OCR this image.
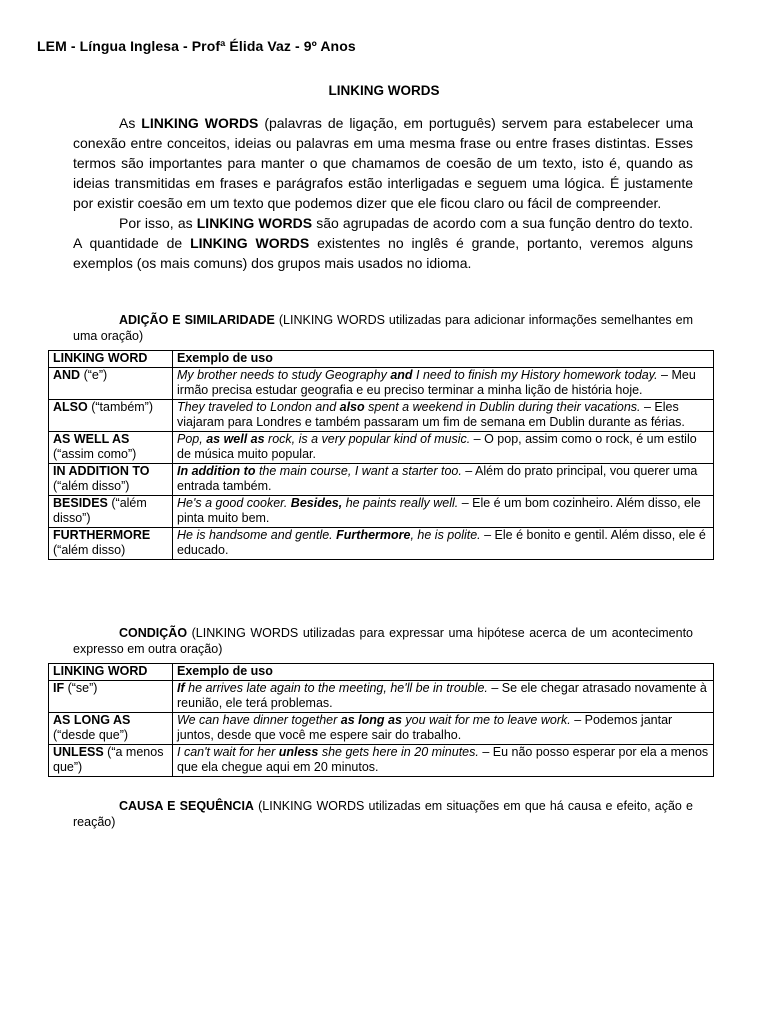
LEM - Língua Inglesa - Profª Élida Vaz - 9º Anos
LINKING WORDS

As LINKING WORDS (palavras de ligação, em português) servem para estabelecer uma conexão entre conceitos, ideias ou palavras em uma mesma frase ou entre frases distintas. Esses termos são importantes para manter o que chamamos de coesão de um texto, isto é, quando as ideias transmitidas em frases e parágrafos estão interligadas e seguem uma lógica. É justamente por existir coesão em um texto que podemos dizer que ele ficou claro ou fácil de compreender.

Por isso, as LINKING WORDS são agrupadas de acordo com a sua função dentro do texto. A quantidade de LINKING WORDS existentes no inglês é grande, portanto, veremos alguns exemplos (os mais comuns) dos grupos mais usados no idioma.

ADIÇÃO E SIMILARIDADE (LINKING WORDS utilizadas para adicionar informações semelhantes em uma oração)
LINKING WORD	Exemplo de uso
AND (“e”)	My brother needs to study Geography and I need to finish my History homework today. – Meu irmão precisa estudar geografia e eu preciso terminar a minha lição de história hoje.
ALSO (“também”)	They traveled to London and also spent a weekend in Dublin during their vacations. – Eles viajaram para Londres e também passaram um fim de semana em Dublin durante as férias.
AS WELL AS (“assim como”)	Pop, as well as rock, is a very popular kind of music. – O pop, assim como o rock, é um estilo de música muito popular.
IN ADDITION TO (“além disso”)	In addition to the main course, I want a starter too. – Além do prato principal, vou querer uma entrada também.
BESIDES (“além disso”)	He's a good cooker. Besides, he paints really well. – Ele é um bom cozinheiro. Além disso, ele pinta muito bem.
FURTHERMORE (“além disso)	He is handsome and gentle. Furthermore, he is polite. – Ele é bonito e gentil. Além disso, ele é educado.
CONDIÇÃO (LINKING WORDS utilizadas para expressar uma hipótese acerca de um acontecimento expresso em outra oração)
LINKING WORD	Exemplo de uso
IF (“se”)	If he arrives late again to the meeting, he'll be in trouble. – Se ele chegar atrasado novamente à reunião, ele terá problemas.
AS LONG AS (“desde que”)	We can have dinner together as long as you wait for me to leave work. – Podemos jantar juntos, desde que você me espere sair do trabalho.
UNLESS (“a menos que”)	I can't wait for her unless she gets here in 20 minutes. – Eu não posso esperar por ela a menos que ela chegue aqui em 20 minutos.
CAUSA E SEQUÊNCIA (LINKING WORDS utilizadas em situações em que há causa e efeito, ação e reação)
